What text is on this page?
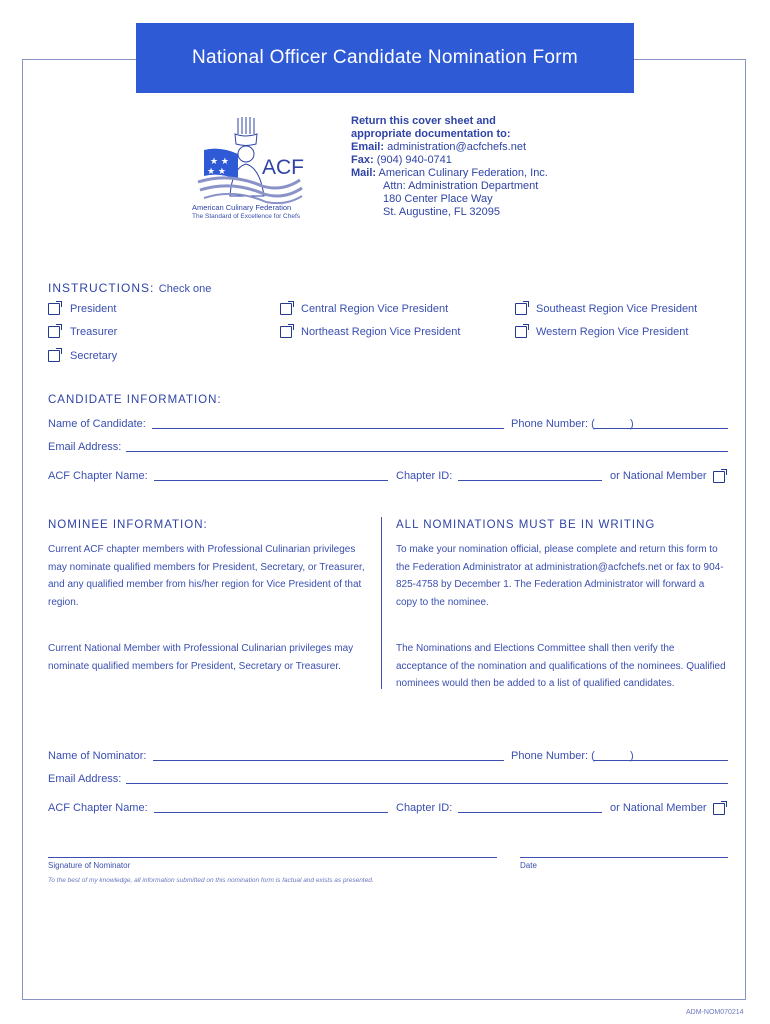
National Officer Candidate Nomination Form
★ ★
★ ★ ACF
American Culinary Federation
The Standard of Excellence for Chefs
Return this cover sheet and
appropriate documentation to:
Email: administration@acfchefs.net
Fax: (904) 940-0741
Mail: American Culinary Federation, Inc.
Attn: Administration Department
180 Center Place Way
St. Augustine, FL 32095
INSTRUCTIONS: Check one
President
Treasurer
Secretary
Central Region Vice President
Northeast Region Vice President
Southeast Region Vice President
Western Region Vice President
CANDIDATE INFORMATION:
Name of Candidate:	Phone Number: (	)
Email Address:
ACF Chapter Name:	Chapter ID:	or National Member
NOMINEE INFORMATION:	ALL NOMINATIONS MUST BE IN WRITING
Current ACF chapter members with Professional Culinarian privileges may nominate qualified members for President, Secretary, or Treasurer, and any qualified member from his/her region for Vice President of that region.
Current National Member with Professional Culinarian privileges may nominate qualified members for President, Secretary or Treasurer.
To make your nomination official, please complete and return this form to the Federation Administrator at administration@acfchefs.net or fax to 904-825-4758 by December 1. The Federation Administrator will forward a copy to the nominee.
The Nominations and Elections Committee shall then verify the acceptance of the nomination and qualifications of the nominees. Qualified nominees would then be added to a list of qualified candidates.
Name of Nominator:	Phone Number: (	)
Email Address:
ACF Chapter Name:	Chapter ID:	or National Member
Signature of Nominator	Date
To the best of my knowledge, all information submitted on this nomination form is factual and exists as presented.
ADM-NOM070214
